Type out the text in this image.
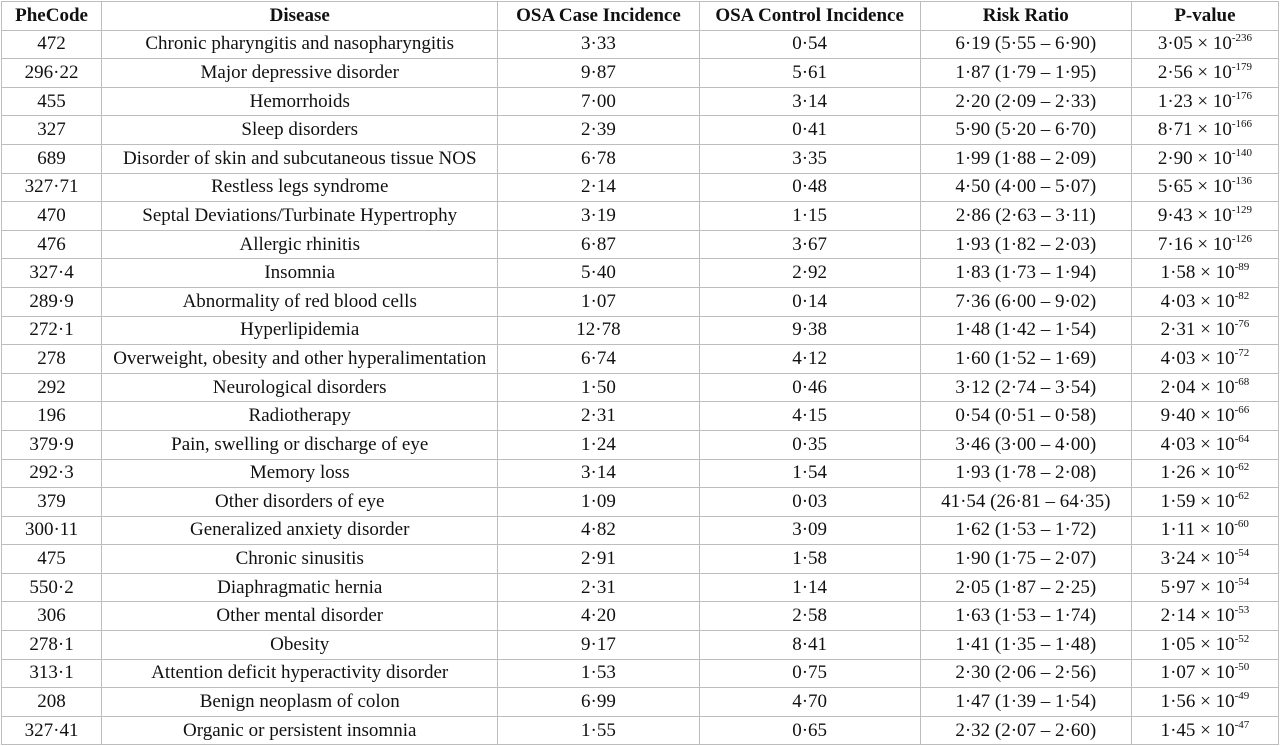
PheCode	Disease	OSA Case Incidence	OSA Control Incidence	Risk Ratio	P-value
472	Chronic pharyngitis and nasopharyngitis	3·33	0·54	6·19 (5·55 – 6·90)	$3\cdot 05 \times 10^{-236}$
296·22	Major depressive disorder	9·87	5·61	1·87 (1·79 – 1·95)	$2\cdot 56 \times 10^{-179}$
455	Hemorrhoids	7·00	3·14	2·20 (2·09 – 2·33)	$1\cdot 23 \times 10^{-176}$
327	Sleep disorders	2·39	0·41	5·90 (5·20 – 6·70)	$8\cdot 71 \times 10^{-166}$
689	Disorder of skin and subcutaneous tissue NOS	6·78	3·35	1·99 (1·88 – 2·09)	$2\cdot 90 \times 10^{-140}$
327·71	Restless legs syndrome	2·14	0·48	4·50 (4·00 – 5·07)	$5\cdot 65 \times 10^{-136}$
470	Septal Deviations/Turbinate Hypertrophy	3·19	1·15	2·86 (2·63 – 3·11)	$9\cdot 43 \times 10^{-129}$
476	Allergic rhinitis	6·87	3·67	1·93 (1·82 – 2·03)	$7\cdot 16 \times 10^{-126}$
327·4	Insomnia	5·40	2·92	1·83 (1·73 – 1·94)	$1\cdot 58 \times 10^{-89}$
289·9	Abnormality of red blood cells	1·07	0·14	7·36 (6·00 – 9·02)	$4\cdot 03 \times 10^{-82}$
272·1	Hyperlipidemia	12·78	9·38	1·48 (1·42 – 1·54)	$2\cdot 31 \times 10^{-76}$
278	Overweight, obesity and other hyperalimentation	6·74	4·12	1·60 (1·52 – 1·69)	$4\cdot 03 \times 10^{-72}$
292	Neurological disorders	1·50	0·46	3·12 (2·74 – 3·54)	$2\cdot 04 \times 10^{-68}$
196	Radiotherapy	2·31	4·15	0·54 (0·51 – 0·58)	$9\cdot 40 \times 10^{-66}$
379·9	Pain, swelling or discharge of eye	1·24	0·35	3·46 (3·00 – 4·00)	$4\cdot 03 \times 10^{-64}$
292·3	Memory loss	3·14	1·54	1·93 (1·78 – 2·08)	$1\cdot 26 \times 10^{-62}$
379	Other disorders of eye	1·09	0·03	41·54 (26·81 – 64·35)	$1\cdot 59 \times 10^{-62}$
300·11	Generalized anxiety disorder	4·82	3·09	1·62 (1·53 – 1·72)	$1\cdot 11 \times 10^{-60}$
475	Chronic sinusitis	2·91	1·58	1·90 (1·75 – 2·07)	$3\cdot 24 \times 10^{-54}$
550·2	Diaphragmatic hernia	2·31	1·14	2·05 (1·87 – 2·25)	$5\cdot 97 \times 10^{-54}$
306	Other mental disorder	4·20	2·58	1·63 (1·53 – 1·74)	$2\cdot 14 \times 10^{-53}$
278·1	Obesity	9·17	8·41	1·41 (1·35 – 1·48)	$1\cdot 05 \times 10^{-52}$
313·1	Attention deficit hyperactivity disorder	1·53	0·75	2·30 (2·06 – 2·56)	$1\cdot 07 \times 10^{-50}$
208	Benign neoplasm of colon	6·99	4·70	1·47 (1·39 – 1·54)	$1\cdot 56 \times 10^{-49}$
327·41	Organic or persistent insomnia	1·55	0·65	2·32 (2·07 – 2·60)	$1\cdot 45 \times 10^{-47}$
